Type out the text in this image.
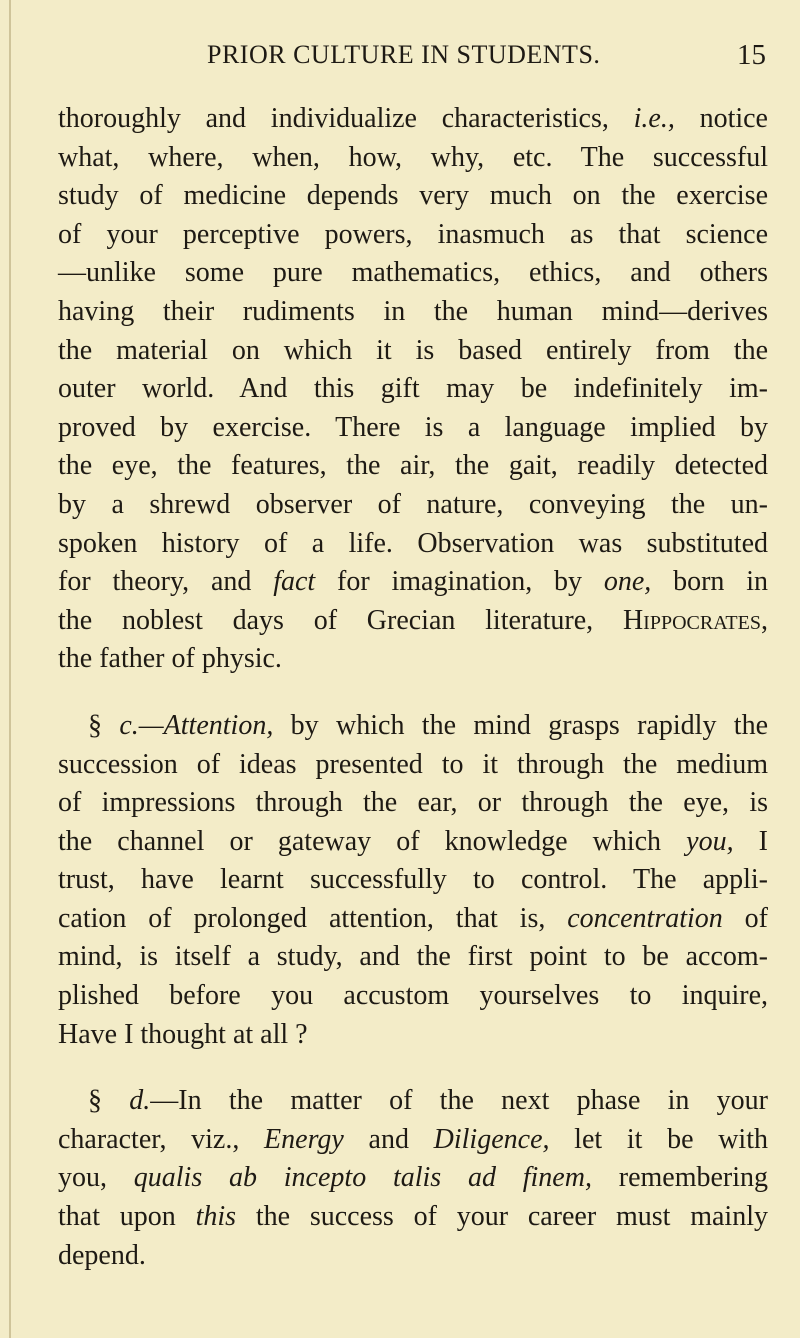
PRIOR CULTURE IN STUDENTS.	15
thoroughly and individualize characteristics, i.e., notice
what, where, when, how, why, etc. The successful
study of medicine depends very much on the exercise
of your perceptive powers, inasmuch as that science
—unlike some pure mathematics, ethics, and others
having their rudiments in the human mind—derives
the material on which it is based entirely from the
outer world. And this gift may be indefinitely im-
proved by exercise. There is a language implied by
the eye, the features, the air, the gait, readily detected
by a shrewd observer of nature, conveying the un-
spoken history of a life. Observation was substituted
for theory, and fact for imagination, by one, born in
the noblest days of Grecian literature, Hippocrates,
the father of physic.
§ c.—Attention, by which the mind grasps rapidly the
succession of ideas presented to it through the medium
of impressions through the ear, or through the eye, is
the channel or gateway of knowledge which you, I
trust, have learnt successfully to control. The appli-
cation of prolonged attention, that is, concentration of
mind, is itself a study, and the first point to be accom-
plished before you accustom yourselves to inquire,
Have I thought at all ?
§ d.—In the matter of the next phase in your
character, viz., Energy and Diligence, let it be with
you, qualis ab incepto talis ad finem, remembering
that upon this the success of your career must mainly
depend.
